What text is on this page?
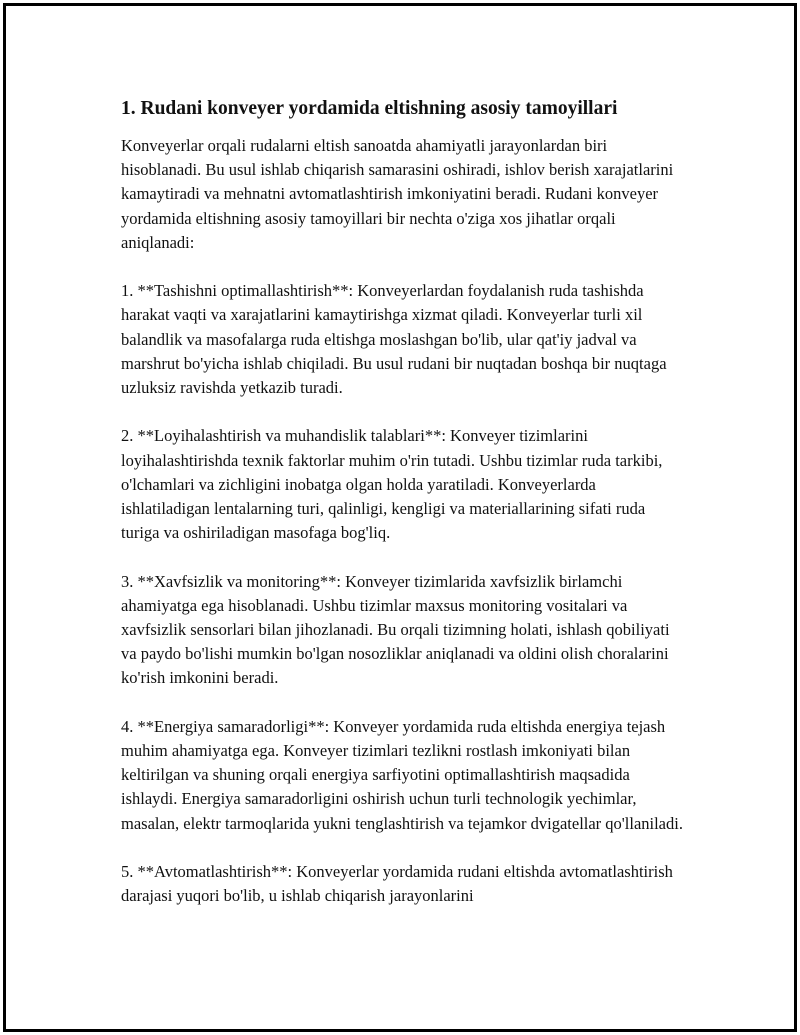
1. Rudani konveyer yordamida eltishning asosiy tamoyillari

Konveyerlar orqali rudalarni eltish sanoatda ahamiyatli jarayonlardan biri hisoblanadi. Bu usul ishlab chiqarish samarasini oshiradi, ishlov berish xarajatlarini kamaytiradi va mehnatni avtomatlashtirish imkoniyatini beradi. Rudani konveyer yordamida eltishning asosiy tamoyillari bir nechta o'ziga xos jihatlar orqali aniqlanadi:

1. **Tashishni optimallashtirish**: Konveyerlardan foydalanish ruda tashishda harakat vaqti va xarajatlarini kamaytirishga xizmat qiladi. Konveyerlar turli xil balandlik va masofalarga ruda eltishga moslashgan bo'lib, ular qat'iy jadval va marshrut bo'yicha ishlab chiqiladi. Bu usul rudani bir nuqtadan boshqa bir nuqtaga uzluksiz ravishda yetkazib turadi.

2. **Loyihalashtirish va muhandislik talablari**: Konveyer tizimlarini loyihalashtirishda texnik faktorlar muhim o'rin tutadi. Ushbu tizimlar ruda tarkibi, o'lchamlari va zichligini inobatga olgan holda yaratiladi. Konveyerlarda ishlatiladigan lentalarning turi, qalinligi, kengligi va materiallarining sifati ruda turiga va oshiriladigan masofaga bog'liq.

3. **Xavfsizlik va monitoring**: Konveyer tizimlarida xavfsizlik birlamchi ahamiyatga ega hisoblanadi. Ushbu tizimlar maxsus monitoring vositalari va xavfsizlik sensorlari bilan jihozlanadi. Bu orqali tizimning holati, ishlash qobiliyati va paydo bo'lishi mumkin bo'lgan nosozliklar aniqlanadi va oldini olish choralarini ko'rish imkonini beradi.

4. **Energiya samaradorligi**: Konveyer yordamida ruda eltishda energiya tejash muhim ahamiyatga ega. Konveyer tizimlari tezlikni rostlash imkoniyati bilan keltirilgan va shuning orqali energiya sarfiyotini optimallashtirish maqsadida ishlaydi. Energiya samaradorligini oshirish uchun turli technologik yechimlar, masalan, elektr tarmoqlarida yukni tenglashtirish va tejamkor dvigatellar qo'llaniladi.

5. **Avtomatlashtirish**: Konveyerlar yordamida rudani eltishda avtomatlashtirish darajasi yuqori bo'lib, u ishlab chiqarish jarayonlarini
